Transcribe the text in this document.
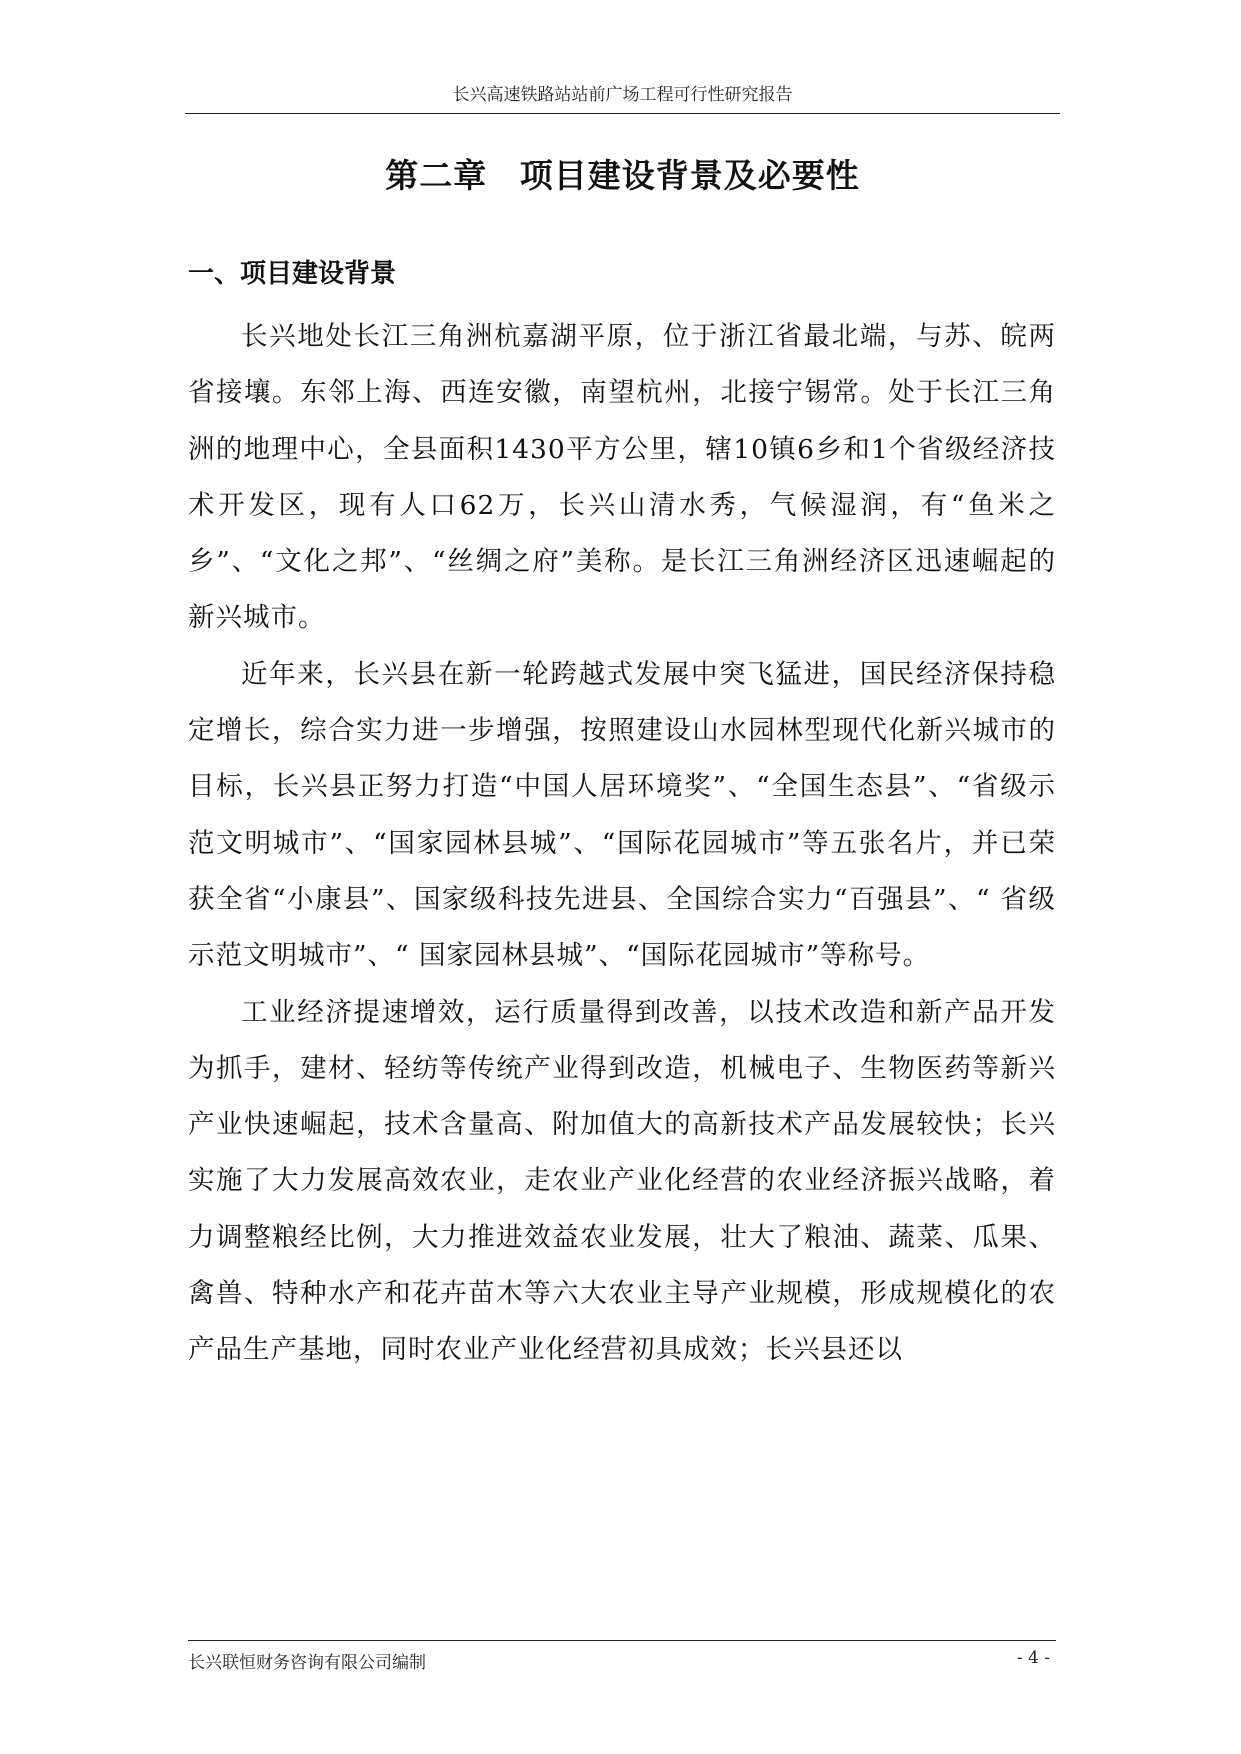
长兴高速铁路站站前广场工程可行性研究报告
第二章 项目建设背景及必要性
一、项目建设背景

长兴地处长江三角洲杭嘉湖平原，位于浙江省最北端，与苏、皖两省接壤。东邻上海、西连安徽，南望杭州，北接宁锡常。处于长江三角洲的地理中心，全县面积1430平方公里，辖10镇6乡和1个省级经济技术开发区，现有人口62万，长兴山清水秀，气候湿润，有“鱼米之乡”、“文化之邦”、“丝绸之府”美称。是长江三角洲经济区迅速崛起的新兴城市。

近年来，长兴县在新一轮跨越式发展中突飞猛进，国民经济保持稳定增长，综合实力进一步增强，按照建设山水园林型现代化新兴城市的目标，长兴县正努力打造“中国人居环境奖”、“全国生态县”、“省级示范文明城市”、“国家园林县城”、“国际花园城市”等五张名片，并已荣获全省“小康县”、国家级科技先进县、全国综合实力“百强县”、“ 省级示范文明城市”、“ 国家园林县城”、“国际花园城市”等称号。

工业经济提速增效，运行质量得到改善，以技术改造和新产品开发为抓手，建材、轻纺等传统产业得到改造，机械电子、生物医药等新兴产业快速崛起，技术含量高、附加值大的高新技术产品发展较快；长兴实施了大力发展高效农业，走农业产业化经营的农业经济振兴战略，着力调整粮经比例，大力推进效益农业发展，壮大了粮油、蔬菜、瓜果、禽兽、特种水产和花卉苗木等六大农业主导产业规模，形成规模化的农产品生产基地，同时农业产业化经营初具成效；长兴县还以

长兴联恒财务咨询有限公司编制	- 4 -
